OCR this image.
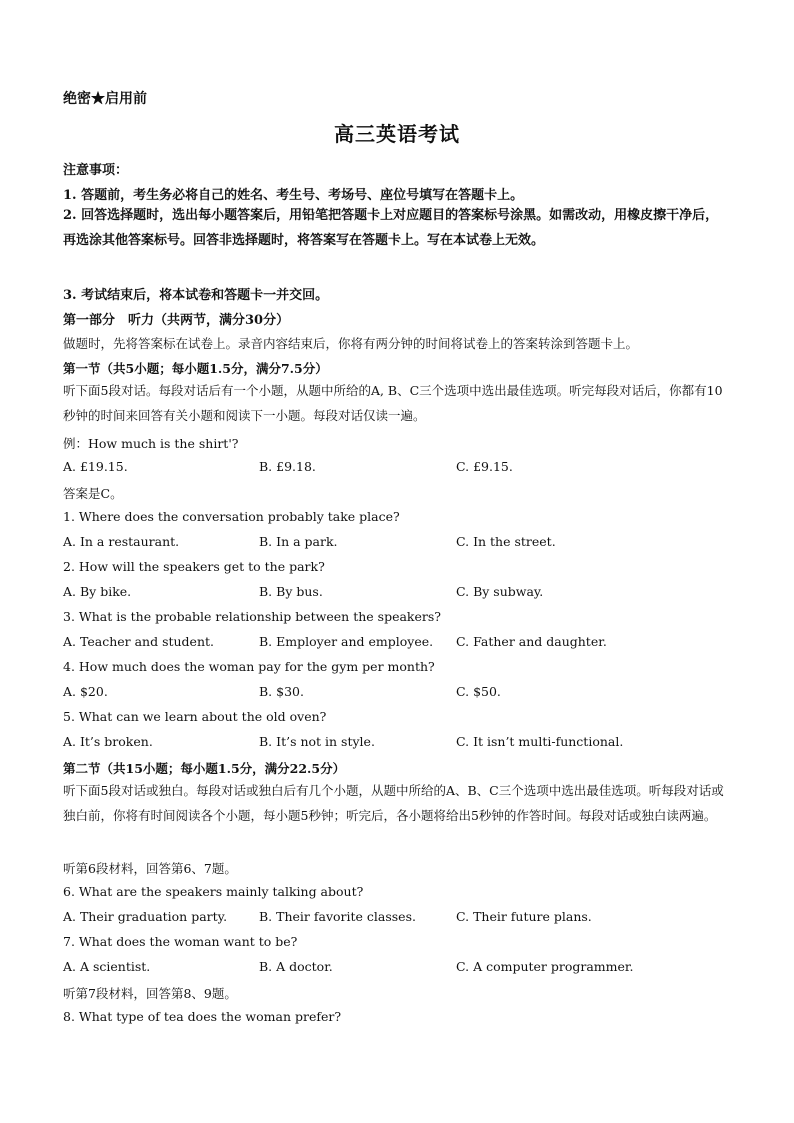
绝密★启用前
高三英语考试
注意事项：
1. 答题前，考生务必将自己的姓名、考生号、考场号、座位号填写在答题卡上。
2. 回答选择题时，选出每小题答案后，用铅笔把答题卡上对应题目的答案标号涂黑。如需改动，用橡皮擦干净后，再选涂其他答案标号。回答非选择题时，将答案写在答题卡上。写在本试卷上无效。
3. 考试结束后，将本试卷和答题卡一并交回。
第一部分　听力（共两节，满分30分）
做题时，先将答案标在试卷上。录音内容结束后，你将有两分钟的时间将试卷上的答案转涂到答题卡上。
第一节（共5小题；每小题1.5分，满分7.5分）
听下面5段对话。每段对话后有一个小题，从题中所给的A, B、C三个选项中选出最佳选项。听完每段对话后，你都有10秒钟的时间来回答有关小题和阅读下一小题。每段对话仅读一遍。
例：How much is the shirt'?
A. £19.15.	B. £9.18.	C. £9.15.
答案是C。
1. Where does the conversation probably take place?
A. In a restaurant.	B. In a park.	C. In the street.
2. How will the speakers get to the park?
A. By bike.	B. By bus.	C. By subway.
3. What is the probable relationship between the speakers?
A. Teacher and student.	B. Employer and employee. C. Father and daughter.
4. How much does the woman pay for the gym per month?
A. $20.	B. $30.	C. $50.
5. What can we learn about the old oven?
A. It’s broken.	B. It’s not in style.	C. It isn’t multi-functional.
第二节（共15小题；每小题1.5分，满分22.5分）
听下面5段对话或独白。每段对话或独白后有几个小题，从题中所给的A、B、C三个选项中选出最佳选项。听每段对话或独白前，你将有时间阅读各个小题，每小题5秒钟；听完后，各小题将给出5秒钟的作答时间。每段对话或独白读两遍。
听第6段材料，回答第6、7题。
6. What are the speakers mainly talking about?
A. Their graduation party.	B. Their favorite classes.	C. Their future plans.
7. What does the woman want to be?
A. A scientist.	B. A doctor.	C. A computer programmer.
听第7段材料，回答第8、9题。
8. What type of tea does the woman prefer?
